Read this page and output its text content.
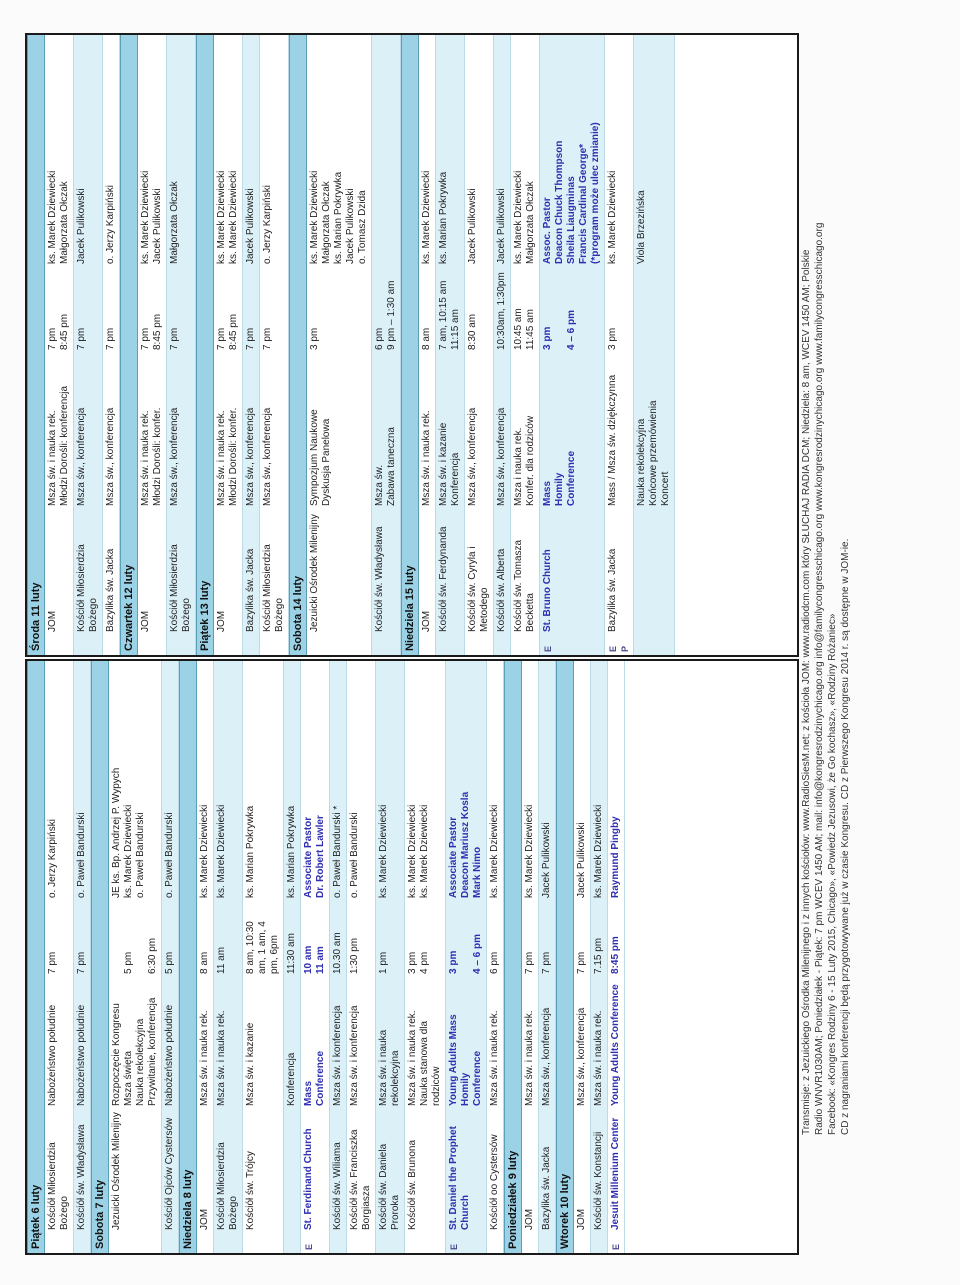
Piątek 6 luty Kościół Miłosierdzia Bożego
Nabożeństwo południe
7 pm
o. Jerzy Karpiński
Kościół św. Władysława
Nabożeństwo południe
7 pm
o. Paweł Bandurski
Sobota 7 luty Jezuicki Ośrodek Milenijny
Rozpoczęcie Kongresu
Msza święta
Nauka rekolekcyjna
Przywitanie, konferencja

5 pm

6:30 pm
JE ks. Bp. Andrzej P. Wypych
ks. Marek Dziewiecki
o. Paweł Bandurski
Kościół Ojców Cystersów
Nabożeństwo południe
5 pm
o. Paweł Bandurski
Niedziela 8 luty JOM
Msza św. i nauka rek.
8 am
ks. Marek Dziewiecki
Kościół Miłosierdzia Bożego
Msza św. i nauka rek.
11 am
ks. Marek Dziewiecki
Kościół św. Trójcy
Msza św. i kazanie
8 am, 10:30 am, 1 am, 4 pm, 6pm
ks. Marian Pokrywka
Konferencja
11:30 am
ks. Marian Pokrywka
E
St. Ferdinand Church
Mass
Conference
10 am
11 am
Associate Pastor
Dr. Robert Lawler
Kościół św. Wiliama
Msza św. i konferencja
10.30 am
o. Paweł Bandurski *
Kościół św. Franciszka Borgiasza
Msza św. i konferencja
1:30 pm
o. Paweł Bandurski
Kościół św. Daniela Proroka
Msza św. i nauka rekolekcyjna
1 pm
ks. Marek Dziewiecki
Kościół św. Brunona
Msza św. i nauka rek.
Nauka stanowa dla rodziców
3 pm
4 pm
ks. Marek Dziewiecki
ks. Marek Dziewiecki
E
St. Daniel the Prophet Church
Young Adults Mass
Homily
Conference
3 pm

4 – 6 pm
Associate Pastor
Deacon Mariusz Kosla
Mark Nimo
Kościół oo Cystersów
Msza św. i nauka rek.
6 pm
ks. Marek Dziewiecki
Poniedziałek 9 luty JOM
Msza św. i nauka rek.
7 pm
ks. Marek Dziewiecki
Bazylika św. Jacka
Msza św., konferencja
7 pm
Jacek Pulikowski
Wtorek 10 luty JOM
Msza św., konferencja
7 pm
Jacek Pulikowski
Kościół św. Konstancji
Msza św. i nauka rek.
7.15 pm
ks. Marek Dziewiecki
E
Jesuit Millenium Center
Young Adults Conference
8:45 pm
Raymund Pingby
Środa 11 luty JOM
Msza św. i nauka rek.
Młodzi Dorośli: konferencja
7 pm
8:45 pm
ks. Marek Dziewiecki
Małgorzata Ołczak
Kościół Miłosierdzia Bożego
Msza św., konferencja
7 pm
Jacek Pulikowski
Bazylika św. Jacka
Msza św., konferencja
7 pm
o. Jerzy Karpiński
Czwartek 12 luty JOM
Msza św. i nauka rek.
Młodzi Dorośli: konfer.
7 pm
8:45 pm
ks. Marek Dziewiecki
Jacek Pulikowski
Kościół Miłosierdzia Bożego
Msza św., konferencja
7 pm
Małgorzata Ołczak
Piątek 13 luty JOM
Msza św. i nauka rek.
Młodzi Dorośli: konfer.
7 pm
8:45 pm
ks. Marek Dziewiecki
ks. Marek Dziewiecki
Bazylika św. Jacka
Msza św., konferencja
7 pm
Jacek Pulikowski
Kościół Miłosierdzia Bożego
Msza św., konferencja
7 pm
o. Jerzy Karpiński
Sobota 14 luty Jezuicki Ośrodek Milenijny
Sympozjum Naukowe
Dyskusja Panelowa
3 pm
ks. Marek Dziewiecki
Małgorzata Ołczak
ks. Marian Pokrywka
Jacek Pulikowski
o. Tomasz Dzida
Kościół św. Władysława
Msza św.
Zabawa taneczna
6 pm
9 pm – 1:30 am
Niedziela 15 luty JOM
Msza św. i nauka rek.
8 am
ks. Marek Dziewiecki
Kościół św. Ferdynanda
Msza św. i kazanie
Konferencja
7 am, 10:15 am
11:15 am
ks. Marian Pokrywka
Kościół św. Cyryla i Metodego
Msza św., konferencja
8:30 am
Jacek Pulikowski
Kościół św. Alberta
Msza św., konferencja
10:30am, 1:30pm
Jacek Pulikowski
Kościół św. Tomasza Becketta
Msza i nauka rek.
Konfer. dla rodziców
10:45 am
11:45 am
ks. Marek Dziewiecki
Małgorzata Ołczak
E
St. Bruno Church
Mass
Homily
Conference
3 pm

4 – 6 pm
Assoc. Pastor
Deacon Chuck Thompson
Sheila Liaugminas
Francis Cardinal George*
(*program może ulec zmianie)
E P
Bazylika św. Jacka
Mass / Msza św. dziękczynna
3 pm
ks. Marek Dziewiecki
Nauka rekolekcyjna
Końcowe przemówienia
Koncert
Viola Brzezińska
Transmisje: z Jezuickiego Ośrodka Milenijnego i z innych kościołów: www.RadioSiesM.net; z kościoła JOM: www.radiodcm.com który SŁUCHAJ RADIA DCM; Niedziela: 8 am, WCEV 1450 AM; Polskie Radio WNVR1030AM; Poniedziałek - Piątek: 7 pm WCEV 1450 AM; mail: info@kongresrodzinychicago.org info@familycongresschicago.org www.kongresrodzinychicago.org www.familycongresschicago.org Facebook: «Kongres Rodziny 6 - 15 Luty 2015, Chicago», «Powiedz Jezusowi, że Go kochasz», «Rodziny Różaniec» CD z nagraniami konferencji będą przygotowywane już w czasie Kongresu. CD z Pierwszego Kongresu 2014 r. są dostępne w JOM-ie.
